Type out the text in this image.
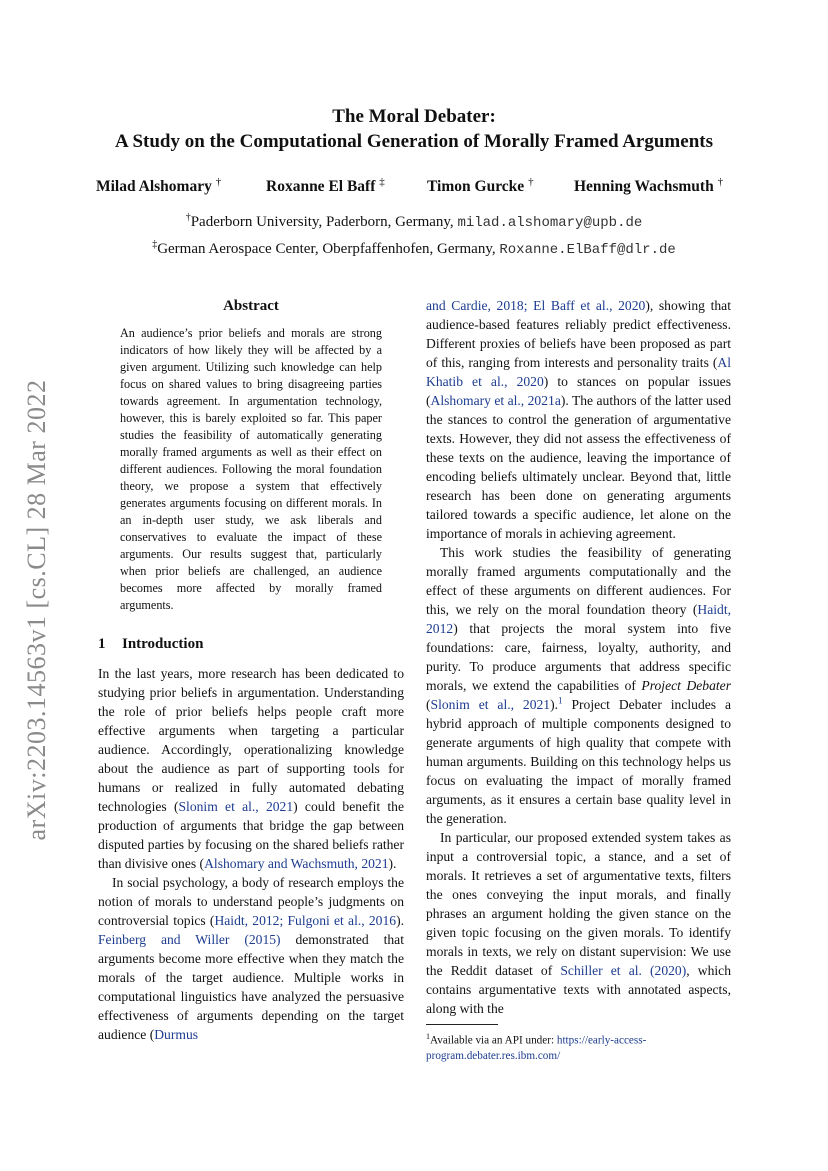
arXiv:2203.14563v1 [cs.CL] 28 Mar 2022
The Moral Debater:
A Study on the Computational Generation of Morally Framed Arguments
Milad Alshomary †	Roxanne El Baff ‡	Timon Gurcke †	Henning Wachsmuth †
†Paderborn University, Paderborn, Germany, milad.alshomary@upb.de
‡German Aerospace Center, Oberpfaffenhofen, Germany, Roxanne.ElBaff@dlr.de
Abstract

An audience’s prior beliefs and morals are strong indicators of how likely they will be affected by a given argument. Utilizing such knowledge can help focus on shared values to bring disagreeing parties towards agreement. In argumentation technology, however, this is barely exploited so far. This paper studies the feasibility of automatically generating morally framed arguments as well as their effect on different audiences. Following the moral foundation theory, we propose a system that effectively generates arguments focusing on different morals. In an in-depth user study, we ask liberals and conservatives to evaluate the impact of these arguments. Our results suggest that, particularly when prior beliefs are challenged, an audience becomes more affected by morally framed arguments.

1 Introduction

In the last years, more research has been dedicated to studying prior beliefs in argumentation. Understanding the role of prior beliefs helps people craft more effective arguments when targeting a particular audience. Accordingly, operationalizing knowledge about the audience as part of supporting tools for humans or realized in fully automated debating technologies (Slonim et al., 2021) could benefit the production of arguments that bridge the gap between disputed parties by focusing on the shared beliefs rather than divisive ones (Alshomary and Wachsmuth, 2021).

In social psychology, a body of research employs the notion of morals to understand people’s judgments on controversial topics (Haidt, 2012; Fulgoni et al., 2016). Feinberg and Willer (2015) demonstrated that arguments become more effective when they match the morals of the target audience. Multiple works in computational linguistics have analyzed the persuasive effectiveness of arguments depending on the target audience (Durmus

and Cardie, 2018; El Baff et al., 2020), showing that audience-based features reliably predict effectiveness. Different proxies of beliefs have been proposed as part of this, ranging from interests and personality traits (Al Khatib et al., 2020) to stances on popular issues (Alshomary et al., 2021a). The authors of the latter used the stances to control the generation of argumentative texts. However, they did not assess the effectiveness of these texts on the audience, leaving the importance of encoding beliefs ultimately unclear. Beyond that, little research has been done on generating arguments tailored towards a specific audience, let alone on the importance of morals in achieving agreement.

This work studies the feasibility of generating morally framed arguments computationally and the effect of these arguments on different audiences. For this, we rely on the moral foundation theory (Haidt, 2012) that projects the moral system into five foundations: care, fairness, loyalty, authority, and purity. To produce arguments that address specific morals, we extend the capabilities of Project Debater (Slonim et al., 2021).$^1$ Project Debater includes a hybrid approach of multiple components designed to generate arguments of high quality that compete with human arguments. Building on this technology helps us focus on evaluating the impact of morally framed arguments, as it ensures a certain base quality level in the generation.

In particular, our proposed extended system takes as input a controversial topic, a stance, and a set of morals. It retrieves a set of argumentative texts, filters the ones conveying the input morals, and finally phrases an argument holding the given stance on the given topic focusing on the given morals. To identify morals in texts, we rely on distant supervision: We use the Reddit dataset of Schiller et al. (2020), which contains argumentative texts with annotated aspects, along with the

$^1$Available via an API under: https://early-access-program.debater.res.ibm.com/
